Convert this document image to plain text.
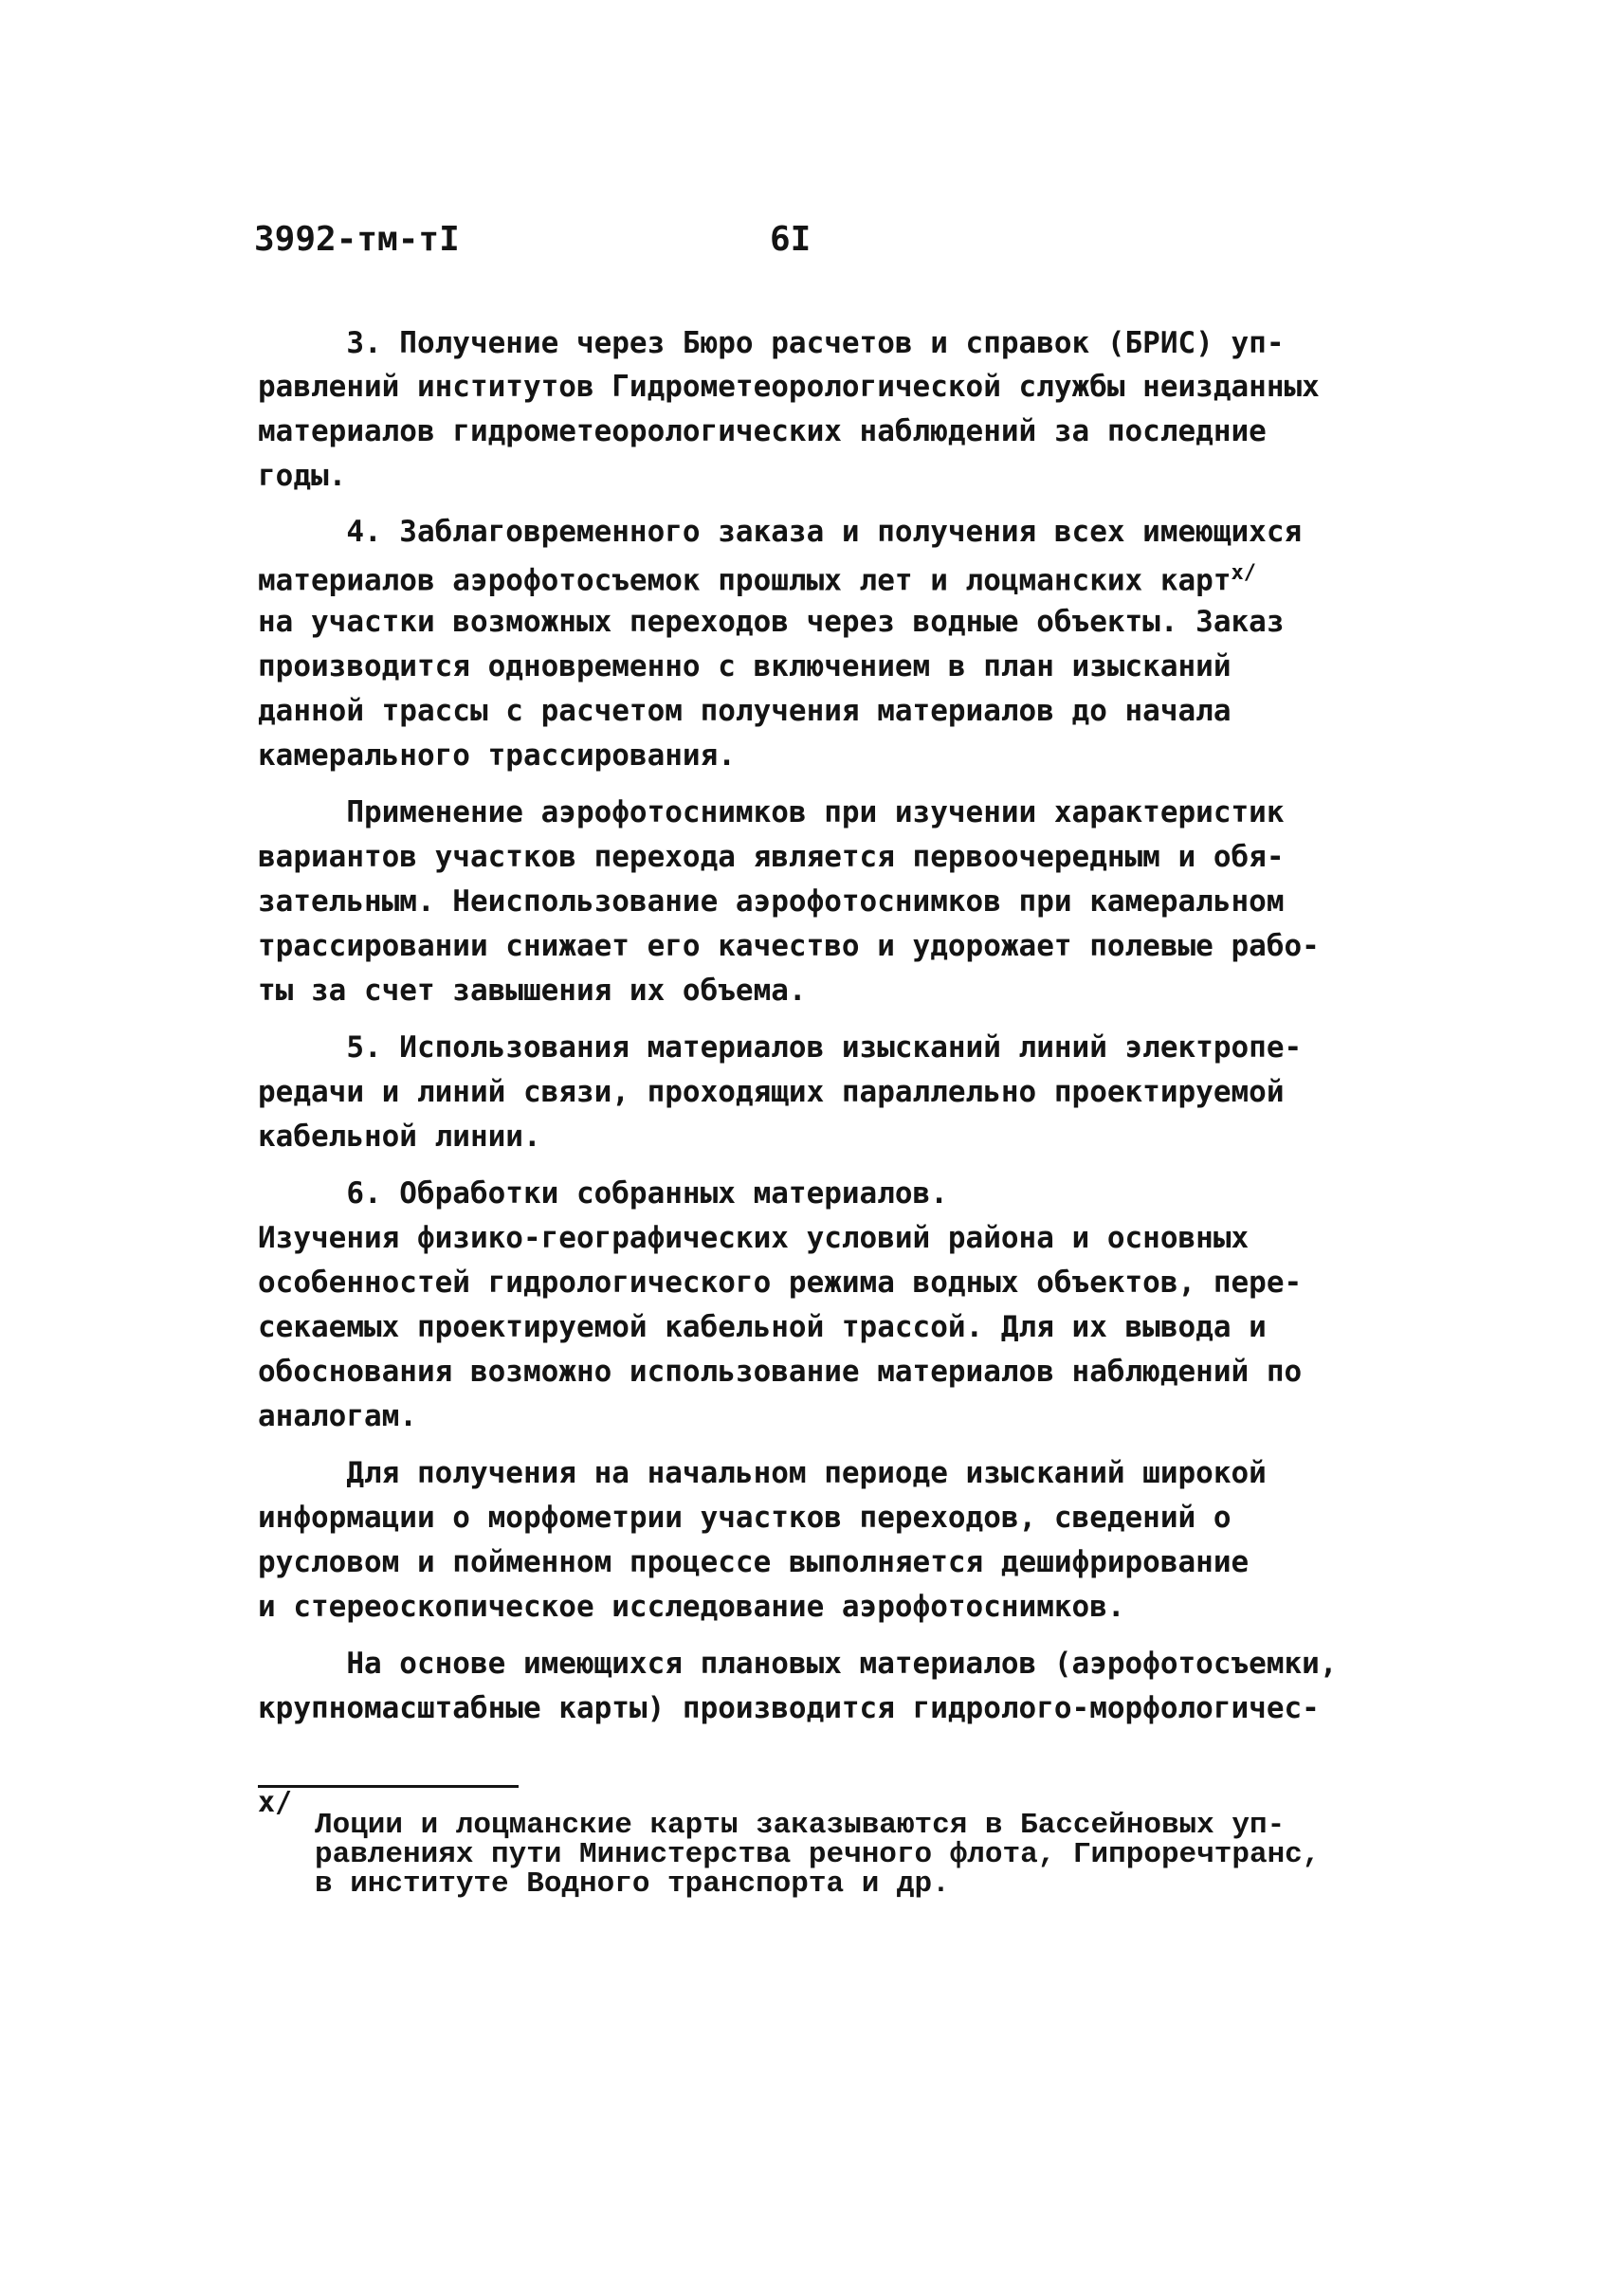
3992-тм-тI	6I
3. Получение через Бюро расчетов и справок (БРИС) уп-
равлений институтов Гидрометеорологической службы неизданных
материалов гидрометеорологических наблюдений за последние
годы.
4. Заблаговременного заказа и получения всех имеющихся
материалов аэрофотосъемок прошлых лет и лоцманских карт$^{х/}$
на участки возможных переходов через водные объекты. Заказ
производится одновременно с включением в план изысканий
данной трассы с расчетом получения материалов до начала
камерального трассирования.
Применение аэрофотоснимков при изучении характеристик
вариантов участков перехода является первоочередным и обя-
зательным. Неиспользование аэрофотоснимков при камеральном
трассировании снижает его качество и удорожает полевые рабо-
ты за счет завышения их объема.
5. Использования материалов изысканий линий электропе-
редачи и линий связи, проходящих параллельно проектируемой
кабельной линии.
6. Обработки собранных материалов.
Изучения физико-географических условий района и основных
особенностей гидрологического режима водных объектов, пере-
секаемых проектируемой кабельной трассой. Для их вывода и
обоснования возможно использование материалов наблюдений по
аналогам.
Для получения на начальном периоде изысканий широкой
информации о морфометрии участков переходов, сведений о
русловом и пойменном процессе выполняется дешифрирование
и стереоскопическое исследование аэрофотоснимков.
На основе имеющихся плановых материалов (аэрофотосъемки,
крупномасштабные карты) производится гидролого-морфологичес-
х/
Лоции и лоцманские карты заказываются в Бассейновых уп-
равлениях пути Министерства речного флота, Гипроречтранс,
в институте Водного транспорта и др.
